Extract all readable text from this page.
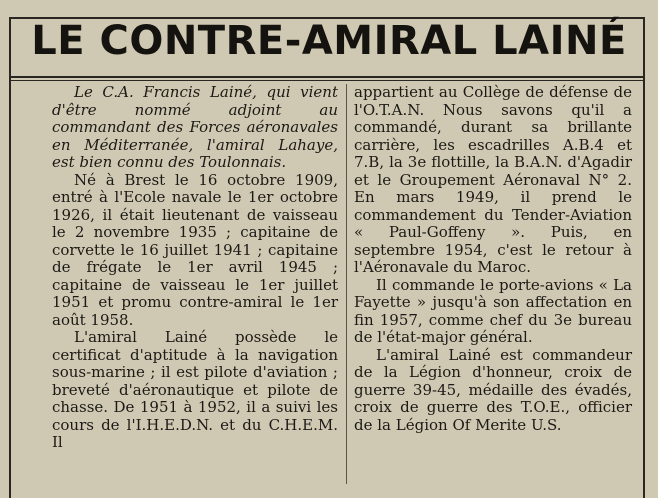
LE CONTRE-AMIRAL LAINÉ

Le C.A. Francis Lainé, qui vient d'être nommé adjoint au commandant des Forces aéronavales en Méditerranée, l'amiral Lahaye, est bien connu des Toulonnais.

Né à Brest le 16 octobre 1909, entré à l'Ecole navale le 1er octobre 1926, il était lieutenant de vaisseau le 2 novembre 1935 ; capitaine de corvette le 16 juillet 1941 ; capitaine de frégate le 1er avril 1945 ; capitaine de vaisseau le 1er juillet 1951 et promu contre-amiral le 1er août 1958.

L'amiral Lainé possède le certificat d'aptitude à la navigation sous-marine ; il est pilote d'aviation ; breveté d'aéronautique et pilote de chasse. De 1951 à 1952, il a suivi les cours de l'I.H.E.D.N. et du C.H.E.M. Il

appartient au Collège de défense de l'O.T.A.N. Nous savons qu'il a commandé, durant sa brillante carrière, les escadrilles A.B.4 et 7.B, la 3e flottille, la B.A.N. d'Agadir et le Groupement Aéronaval N° 2. En mars 1949, il prend le commandement du Tender-Aviation « Paul-Goffeny ». Puis, en septembre 1954, c'est le retour à l'Aéronavale du Maroc.

Il commande le porte-avions « La Fayette » jusqu'à son affectation en fin 1957, comme chef du 3e bureau de l'état-major général.

L'amiral Lainé est commandeur de la Légion d'honneur, croix de guerre 39-45, médaille des évadés, croix de guerre des T.O.E., officier de la Légion Of Merite U.S.
